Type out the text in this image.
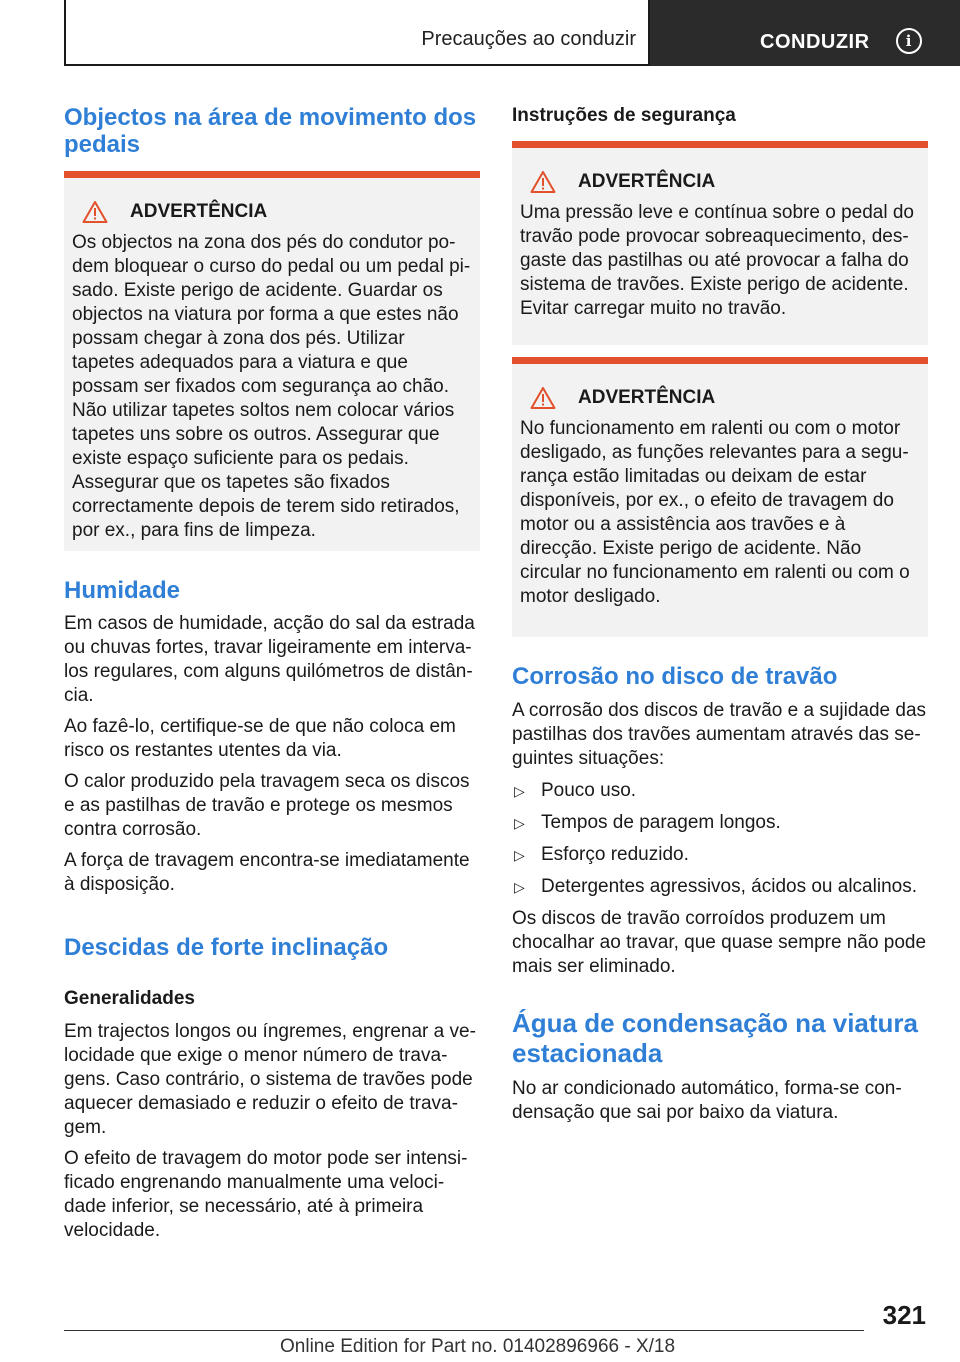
Precauções ao conduzir	CONDUZIR	i
Objectos na área de movimento dos pedais
ADVERTÊNCIA
Os objectos na zona dos pés do condutor podem bloquear o curso do pedal ou um pedal pisado. Existe perigo de acidente. Guardar os objectos na viatura por forma a que estes não possam chegar à zona dos pés. Utilizar tapetes adequados para a viatura e que possam ser fixados com segurança ao chão. Não utilizar tapetes soltos nem colocar vários tapetes uns sobre os outros. Assegurar que existe espaço suficiente para os pedais. Assegurar que os tapetes são fixados correctamente depois de terem sido retirados, por ex., para fins de limpeza.
Humidade
Em casos de humidade, acção do sal da estrada ou chuvas fortes, travar ligeiramente em intervalos regulares, com alguns quilómetros de distância.
Ao fazê-lo, certifique-se de que não coloca em risco os restantes utentes da via.
O calor produzido pela travagem seca os discos e as pastilhas de travão e protege os mesmos contra corrosão.
A força de travagem encontra-se imediatamente à disposição.
Descidas de forte inclinação
Generalidades
Em trajectos longos ou íngremes, engrenar a velocidade que exige o menor número de travagens. Caso contrário, o sistema de travões pode aquecer demasiado e reduzir o efeito de travagem.
O efeito de travagem do motor pode ser intensificado engrenando manualmente uma velocidade inferior, se necessário, até à primeira velocidade.
Instruções de segurança
ADVERTÊNCIA
Uma pressão leve e contínua sobre o pedal do travão pode provocar sobreaquecimento, desgaste das pastilhas ou até provocar a falha do sistema de travões. Existe perigo de acidente. Evitar carregar muito no travão.
ADVERTÊNCIA
No funcionamento em ralenti ou com o motor desligado, as funções relevantes para a segurança estão limitadas ou deixam de estar disponíveis, por ex., o efeito de travagem do motor ou a assistência aos travões e à direcção. Existe perigo de acidente. Não circular no funcionamento em ralenti ou com o motor desligado.
Corrosão no disco de travão
A corrosão dos discos de travão e a sujidade das pastilhas dos travões aumentam através das seguintes situações:
▷ Pouco uso.
▷ Tempos de paragem longos.
▷ Esforço reduzido.
▷ Detergentes agressivos, ácidos ou alcalinos.
Os discos de travão corroídos produzem um chocalhar ao travar, que quase sempre não pode mais ser eliminado.
Água de condensação na viatura estacionada
No ar condicionado automático, forma-se condensação que sai por baixo da viatura.
321
Online Edition for Part no. 01402896966 - X/18
